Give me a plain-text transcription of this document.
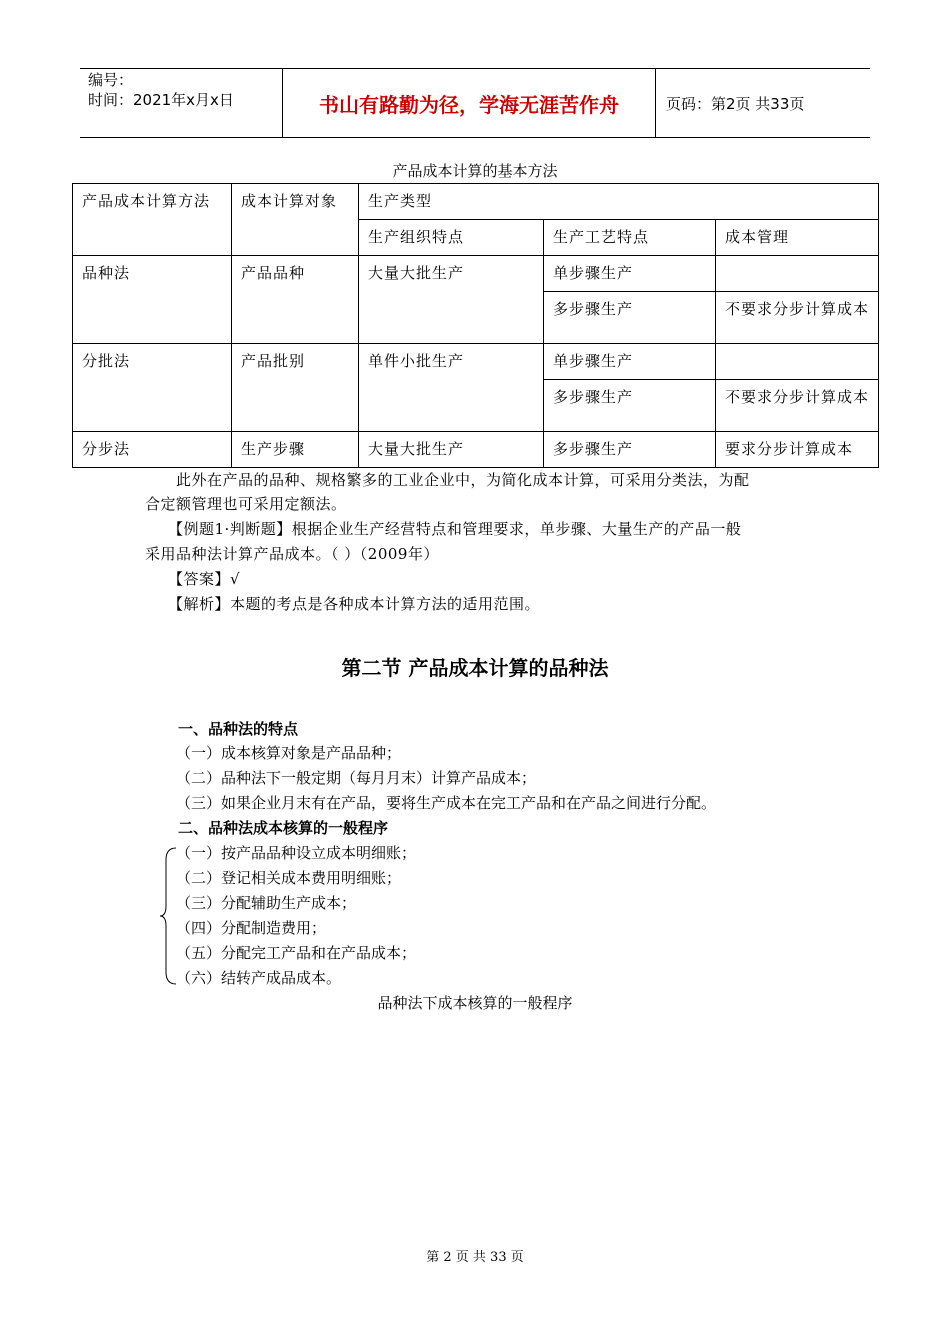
编号：
时间：2021年x月x日	书山有路勤为径，学海无涯苦作舟	页码：第2页 共33页
产品成本计算的基本方法
产品成本计算方法	成本计算对象	生产类型		
		生产组织特点	生产工艺特点	成本管理
品种法	产品品种	大量大批生产	单步骤生产	
			多步骤生产	不要求分步计算成本
分批法	产品批别	单件小批生产	单步骤生产	
			多步骤生产	不要求分步计算成本
分步法	生产步骤	大量大批生产	多步骤生产	要求分步计算成本
此外在产品的品种、规格繁多的工业企业中，为简化成本计算，可采用分类法，为配
合定额管理也可采用定额法。
【例题1·判断题】根据企业生产经营特点和管理要求，单步骤、大量生产的产品一般
采用品种法计算产品成本。（ ）（2009年）
【答案】√
【解析】本题的考点是各种成本计算方法的适用范围。
第二节 产品成本计算的品种法
一、品种法的特点
（一）成本核算对象是产品品种；
（二）品种法下一般定期（每月月末）计算产品成本；
（三）如果企业月末有在产品，要将生产成本在完工产品和在产品之间进行分配。
二、品种法成本核算的一般程序
（一）按产品品种设立成本明细账；
（二）登记相关成本费用明细账；
（三）分配辅助生产成本；
（四）分配制造费用；
（五）分配完工产品和在产品成本；
（六）结转产成品成本。
品种法下成本核算的一般程序
第 2 页 共 33 页
